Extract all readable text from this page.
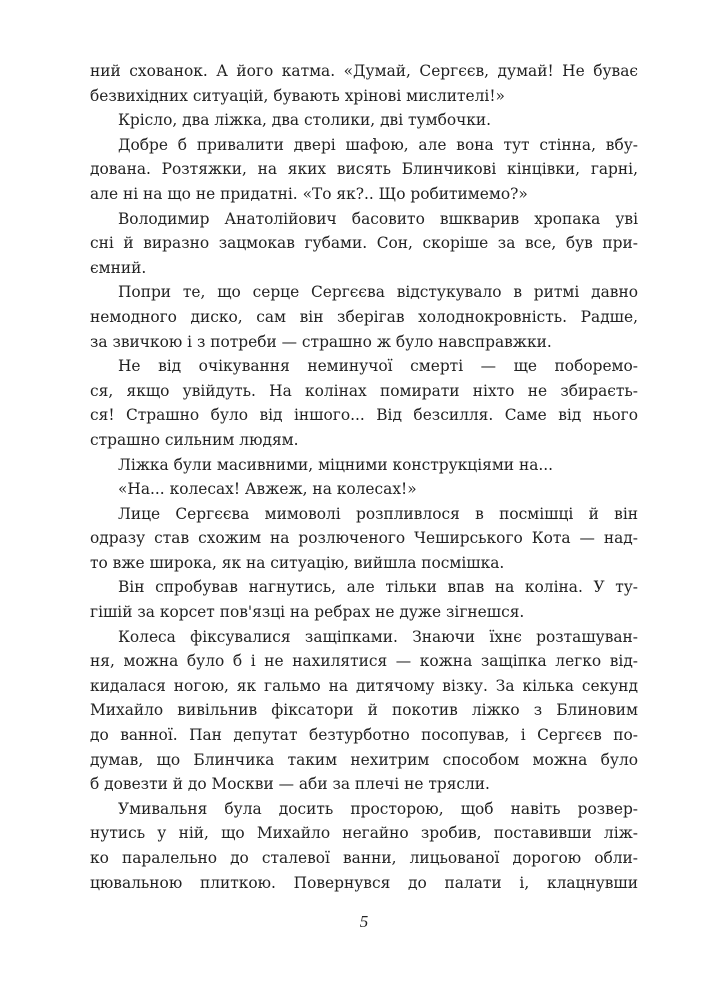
ний схованок. А його катма. «Думай, Сергєєв, думай! Не буває
безвихідних ситуацій, бувають хрінові мислителі!»
Крісло, два ліжка, два столики, дві тумбочки.
Добре б привалити двері шафою, але вона тут стінна, вбу-
дована. Розтяжки, на яких висять Блинчикові кінцівки, гарні,
але ні на що не придатні. «То як?.. Що робитимемо?»
Володимир Анатолійович басовито вшкварив хропака уві
сні й виразно зацмокав губами. Сон, скоріше за все, був при-
ємний.
Попри те, що серце Сергєєва відстукувало в ритмі давно
немодного диско, сам він зберігав холоднокровність. Радше,
за звичкою і з потреби — страшно ж було навсправжки.
Не від очікування неминучої смерті — ще поборемо-
ся, якщо увійдуть. На колінах помирати ніхто не збираєть-
ся! Страшно було від іншого... Від безсилля. Саме від нього
страшно сильним людям.
Ліжка були масивними, міцними конструкціями на...
«На... колесах! Авжеж, на колесах!»
Лице Сергєєва мимоволі розпливлося в посмішці й він
одразу став схожим на розлюченого Чеширського Кота — над-
то вже широка, як на ситуацію, вийшла посмішка.
Він спробував нагнутись, але тільки впав на коліна. У ту-
гішій за корсет пов'язці на ребрах не дуже зігнешся.
Колеса фіксувалися защіпками. Знаючи їхнє розташуван-
ня, можна було б і не нахилятися — кожна защіпка легко від-
кидалася ногою, як гальмо на дитячому візку. За кілька секунд
Михайло вивільнив фіксатори й покотив ліжко з Блиновим
до ванної. Пан депутат безтурботно посопував, і Сергєєв по-
думав, що Блинчика таким нехитрим способом можна було
б довезти й до Москви — аби за плечі не трясли.
Умивальня була досить просторою, щоб навіть розвер-
нутись у ній, що Михайло негайно зробив, поставивши ліж-
ко паралельно до сталевої ванни, лицьованої дорогою обли-
цювальною плиткою. Повернувся до палати і, клацнувши
5
